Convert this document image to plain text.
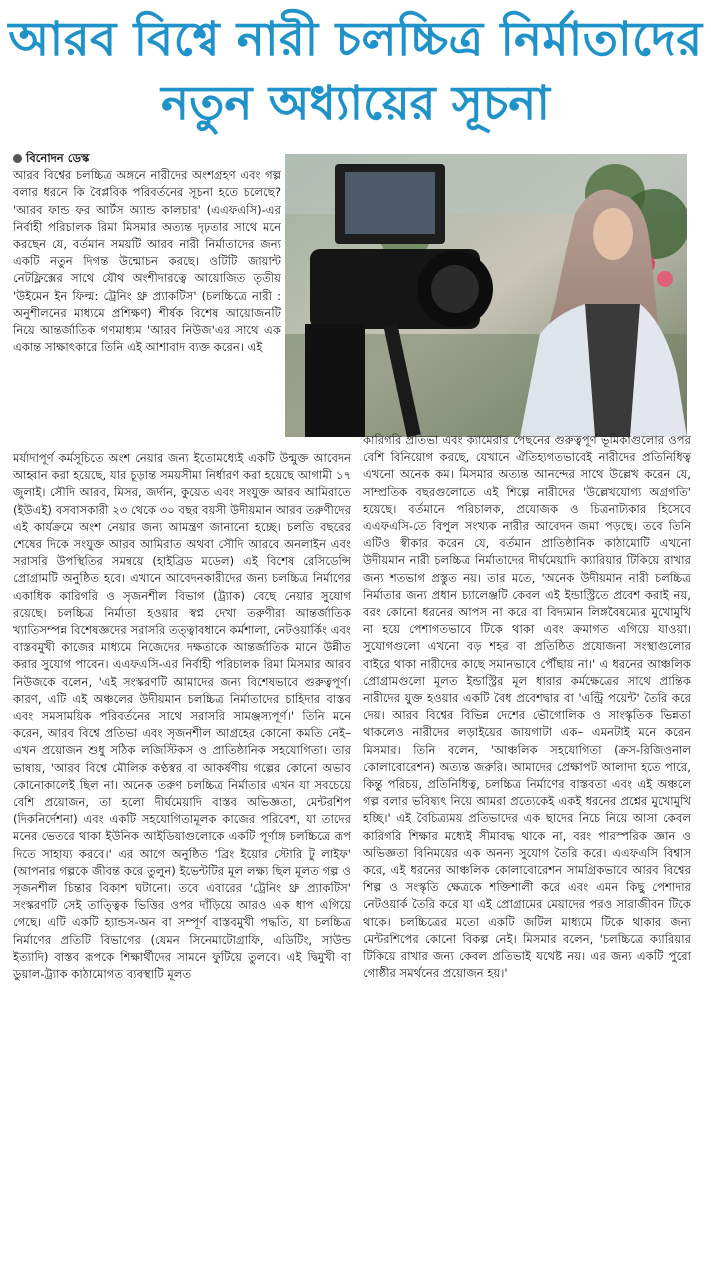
আরব বিশ্বে নারী চলচ্চিত্র নির্মাতাদের
নতুন অধ্যায়ের সূচনা
বিনোদন ডেস্ক

আরব বিশ্বের চলচ্চিত্র অঙ্গনে নারীদের অংশগ্রহণ এবং গল্প বলার ধরনে কি বৈপ্লবিক পরিবর্তনের সূচনা হতে চলেছে? 'আরব ফান্ড ফর আর্টস অ্যান্ড কালচার' (এএফএসি)-এর নির্বাহী পরিচালক রিমা মিসমার অত্যন্ত দৃঢ়তার সাথে মনে করছেন যে, বর্তমান সময়টি আরব নারী নির্মাতাদের জন্য একটি নতুন দিগন্ত উন্মোচন করছে। ওটিটি জায়ান্ট নেটফ্লিক্সের সাথে যৌথ অংশীদারত্বে আয়োজিত তৃতীয় 'উইমেন ইন ফিল্ম: ট্রেনিং থ্রু প্র্যাকটিস' (চলচ্চিত্রে নারী : অনুশীলনের মাধ্যমে প্রশিক্ষণ) শীর্ষক বিশেষ আয়োজনটি নিয়ে আন্তর্জাতিক গণমাধ্যম 'আরব নিউজ'এর সাথে এক একান্ত সাক্ষাৎকারে তিনি এই আশাবাদ ব্যক্ত করেন। এই

মর্যাদাপূর্ণ কর্মসূচিতে অংশ নেয়ার জন্য ইতোমধ্যেই একটি উন্মুক্ত আবেদন আহ্বান করা হয়েছে, যার চূড়ান্ত সময়সীমা নির্ধারণ করা হয়েছে আগামী ১৭ জুলাই। সৌদি আরব, মিসর, জর্দান, কুয়েত এবং সংযুক্ত আরব আমিরাতে (ইউএই) বসবাসকারী ২৩ থেকে ৩০ বছর বয়সী উদীয়মান আরব তরুণীদের এই কার্যক্রমে অংশ নেয়ার জন্য আমন্ত্রণ জানানো হচ্ছে। চলতি বছরের শেষের দিকে সংযুক্ত আরব আমিরাত অথবা সৌদি আরবে অনলাইন এবং সরাসরি উপস্থিতির সমন্বয়ে (হাইব্রিড মডেল) এই বিশেষ রেসিডেন্সি প্রোগ্রামটি অনুষ্ঠিত হবে। এখানে আবেদনকারীদের জন্য চলচ্চিত্র নির্মাণের একাধিক কারিগরি ও সৃজনশীল বিভাগ (ট্র্যাক) বেছে নেয়ার সুযোগ রয়েছে। চলচ্চিত্র নির্মাতা হওয়ার স্বপ্ন দেখা তরুণীরা আন্তর্জাতিক খ্যাতিসম্পন্ন বিশেষজ্ঞদের সরাসরি তত্ত্বাবধানে কর্মশালা, নেটওয়ার্কিং এবং বাস্তবমুখী কাজের মাধ্যমে নিজেদের দক্ষতাকে আন্তর্জাতিক মানে উন্নীত করার সুযোগ পাবেন। এএফএসি-এর নির্বাহী পরিচালক রিমা মিসমার আরব নিউজকে বলেন, 'এই সংস্করণটি আমাদের জন্য বিশেষভাবে গুরুত্বপূর্ণ। কারণ, এটি এই অঞ্চলের উদীয়মান চলচ্চিত্র নির্মাতাদের চাহিদার বাস্তব এবং সমসাময়িক পরিবর্তনের সাথে সরাসরি সামঞ্জস্যপূর্ণ।' তিনি মনে করেন, আরব বিশ্বে প্রতিভা এবং সৃজনশীল আগ্রহের কোনো কমতি নেই– এখন প্রয়োজন শুধু সঠিক লজিস্টিকস ও প্রাতিষ্ঠানিক সহযোগিতা। তার ভাষায়, 'আরব বিশ্বে মৌলিক কণ্ঠস্বর বা আকর্ষণীয় গল্পের কোনো অভাব কোনোকালেই ছিল না। অনেক তরুণ চলচ্চিত্র নির্মাতার এখন যা সবচেয়ে বেশি প্রয়োজন, তা হলো দীর্ঘমেয়াদি বাস্তব অভিজ্ঞতা, মেন্টরশিপ (দিকনির্দেশনা) এবং একটি সহযোগিতামূলক কাজের পরিবেশ, যা তাদের মনের ভেতরে থাকা ইউনিক আইডিয়াগুলোকে একটি পূর্ণাঙ্গ চলচ্চিত্রে রূপ দিতে সাহায্য করবে।' এর আগে অনুষ্ঠিত 'ব্রিং ইয়োর স্টোরি টু লাইফ' (আপনার গল্পকে জীবন্ত করে তুলুন) ইভেন্টটির মূল লক্ষ্য ছিল মূলত গল্প ও সৃজনশীল চিন্তার বিকাশ ঘটানো। তবে এবারের 'ট্রেনিং থ্রু প্র্যাকটিস' সংস্করণটি সেই তাত্ত্বিক ভিত্তির ওপর দাঁড়িয়ে আরও এক ধাপ এগিয়ে গেছে। এটি একটি হ্যান্ডস-অন বা সম্পূর্ণ বাস্তবমুখী পদ্ধতি, যা চলচ্চিত্র নির্মাণের প্রতিটি বিভাগের (যেমন সিনেমাটোগ্রাফি, এডিটিং, সাউন্ড ইত্যাদি) বাস্তব রূপকে শিক্ষার্থীদের সামনে ফুটিয়ে তুলবে। এই দ্বিমুখী বা ডুয়াল-ট্র্যাক কাঠামোগত ব্যবস্থাটি মূলত

কারিগরি প্রতিভা এবং ক্যামেরার পেছনের গুরুত্বপূর্ণ ভূমিকাগুলোর ওপর বেশি বিনিয়োগ করছে, যেখানে ঐতিহ্যগতভাবেই নারীদের প্রতিনিধিত্ব এখনো অনেক কম। মিসমার অত্যন্ত আনন্দের সাথে উল্লেখ করেন যে, সাম্প্রতিক বছরগুলোতে এই শিল্পে নারীদের 'উল্লেখযোগ্য অগ্রগতি' হয়েছে। বর্তমানে পরিচালক, প্রযোজক ও চিত্রনাট্যকার হিসেবে এএফএসি-তে বিপুল সংখ্যক নারীর আবেদন জমা পড়ছে। তবে তিনি এটিও স্বীকার করেন যে, বর্তমান প্রাতিষ্ঠানিক কাঠামোটি এখনো উদীয়মান নারী চলচ্চিত্র নির্মাতাদের দীর্ঘমেয়াদি ক্যারিয়ার টিকিয়ে রাখার জন্য শতভাগ প্রস্তুত নয়। তার মতে, 'অনেক উদীয়মান নারী চলচ্চিত্র নির্মাতার জন্য প্রধান চ্যালেঞ্জটি কেবল এই ইন্ডাস্ট্রিতে প্রবেশ করাই নয়, বরং কোনো ধরনের আপস না করে বা বিদ্যমান লিঙ্গবৈষম্যের মুখোমুখি না হয়ে পেশাগতভাবে টিকে থাকা এবং ক্রমাগত এগিয়ে যাওয়া। সুযোগগুলো এখনো বড় শহর বা প্রতিষ্ঠিত প্রযোজনা সংস্থাগুলোর বাইরে থাকা নারীদের কাছে সমানভাবে পৌঁছায় না।' এ ধরনের আঞ্চলিক প্রোগ্রামগুলো মূলত ইন্ডাস্ট্রির মূল ধারার কর্মক্ষেত্রের সাথে প্রান্তিক নারীদের যুক্ত হওয়ার একটি বৈধ প্রবেশদ্বার বা 'এন্ট্রি পয়েন্ট' তৈরি করে দেয়। আরব বিশ্বের বিভিন্ন দেশের ভৌগোলিক ও সাংস্কৃতিক ভিন্নতা থাকলেও নারীদের লড়াইয়ের জায়গাটা এক– এমনটাই মনে করেন মিসমার। তিনি বলেন, 'আঞ্চলিক সহযোগিতা (ক্রস-রিজিওনাল কোলাবোরেশন) অত্যন্ত জরুরি। আমাদের প্রেক্ষাপট আলাদা হতে পারে, কিন্তু পরিচয়, প্রতিনিধিত্ব, চলচ্চিত্র নির্মাণের বাস্তবতা এবং এই অঞ্চলে গল্প বলার ভবিষ্যৎ নিয়ে আমরা প্রত্যেকেই একই ধরনের প্রশ্নের মুখোমুখি হচ্ছি।' এই বৈচিত্র্যময় প্রতিভাদের এক ছাদের নিচে নিয়ে আসা কেবল কারিগরি শিক্ষার মধ্যেই সীমাবদ্ধ থাকে না, বরং পারস্পরিক জ্ঞান ও অভিজ্ঞতা বিনিময়ের এক অনন্য সুযোগ তৈরি করে। এএফএসি বিশ্বাস করে, এই ধরনের আঞ্চলিক কোলাবোরেশন সামগ্রিকভাবে আরব বিশ্বের শিল্প ও সংস্কৃতি ক্ষেত্রকে শক্তিশালী করে এবং এমন কিছু পেশাদার নেটওয়ার্ক তৈরি করে যা এই প্রোগ্রামের মেয়াদের পরও সারাজীবন টিকে থাকে। চলচ্চিত্রের মতো একটি জটিল মাধ্যমে টিকে থাকার জন্য মেন্টরশিপের কোনো বিকল্প নেই। মিসমার বলেন, 'চলচ্চিত্রে ক্যারিয়ার টিকিয়ে রাখার জন্য কেবল প্রতিভাই যথেষ্ট নয়। এর জন্য একটি পুরো গোষ্ঠীর সমর্থনের প্রয়োজন হয়।'
